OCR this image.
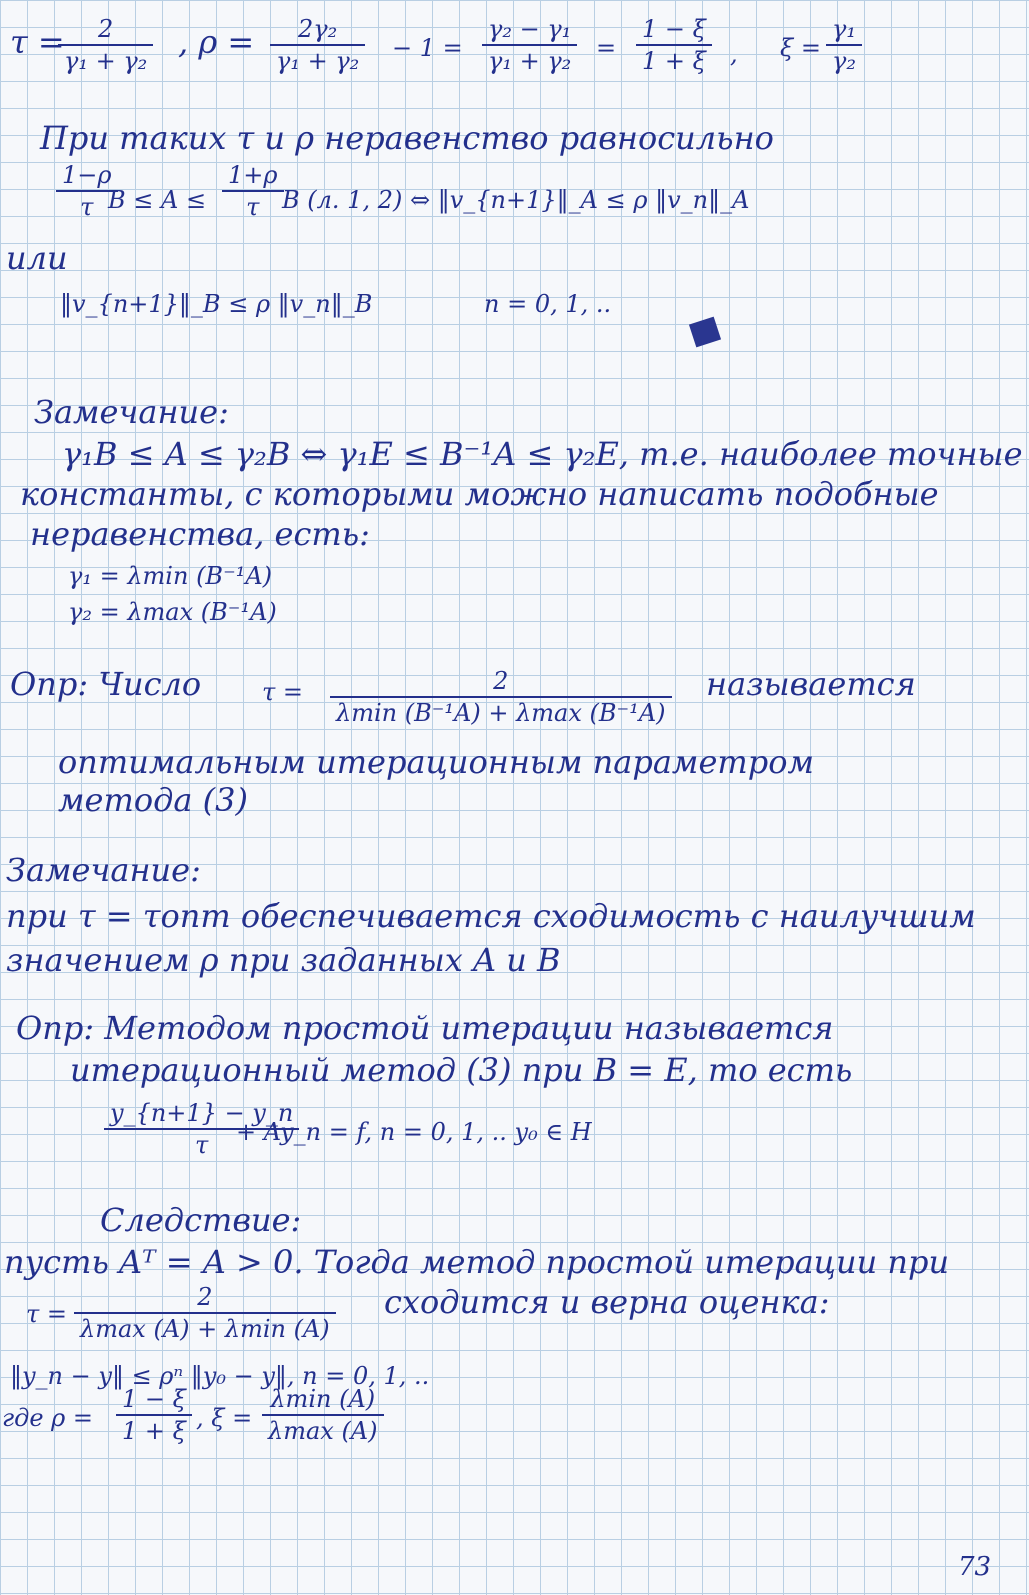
τ =
$\frac{2}{\text{γ₁ + γ₂}}$ , $\rho = \frac{\text{2γ₂}}{\text{γ₁ + γ₂}} - 1 = \frac{\text{γ₂ − γ₁}}{\text{γ₁ + γ₂}} = \frac{1 - \xi}{1 + \xi}$ , $\xi = \frac{\text{γ₁}}{\text{γ₂}}$
При таких τ и ρ неравенство равносильно
$\frac{1-\rho}{\tau}$
$B \le A \le \frac{1+\rho}{\tau}$
B (л. 1, 2) ⇔ ‖v_{n+1}‖_A ≤ ρ ‖v_n‖_A
или
‖v_{n+1}‖_B ≤ ρ ‖v_n‖_B	n = 0, 1, ..
Замечание:
γ₁B ≤ A ≤ γ₂B ⇔ γ₁E ≤ B⁻¹A ≤ γ₂E, т.е. наиболее точные
константы, с которыми можно написать подобные
неравенства, есть:
γ₁ = λmin (B⁻¹A)
γ₂ = λmax (B⁻¹A)
Опр: Число	τ =	2
λmin (B⁻¹A) + λmax (B⁻¹A)
называется
оптимальным итерационным параметром
метода (3)
Замечание:
при τ = τопт обеспечивается сходимость с наилучшим
значением ρ при заданных A и B
Опр: Методом простой итерации называется
итерационный метод (3) при B = E, то есть
$\frac{y\_\{n+1\} - y\_n}{\tau}$
+ Ay_n = f, n = 0, 1, .. y₀ ∈ H
Следствие:
пусть Aᵀ = A > 0. Тогда метод простой итерации при
τ =
2
λmax (A) + λmin (A)
сходится и верна оценка:
‖y_n − y‖ ≤ ρⁿ ‖y₀ − y‖, n = 0, 1, ..
где $\rho = \frac{1 - \xi}{1 + \xi}$ , ξ =
λmin (A)
λmax (A)
73
